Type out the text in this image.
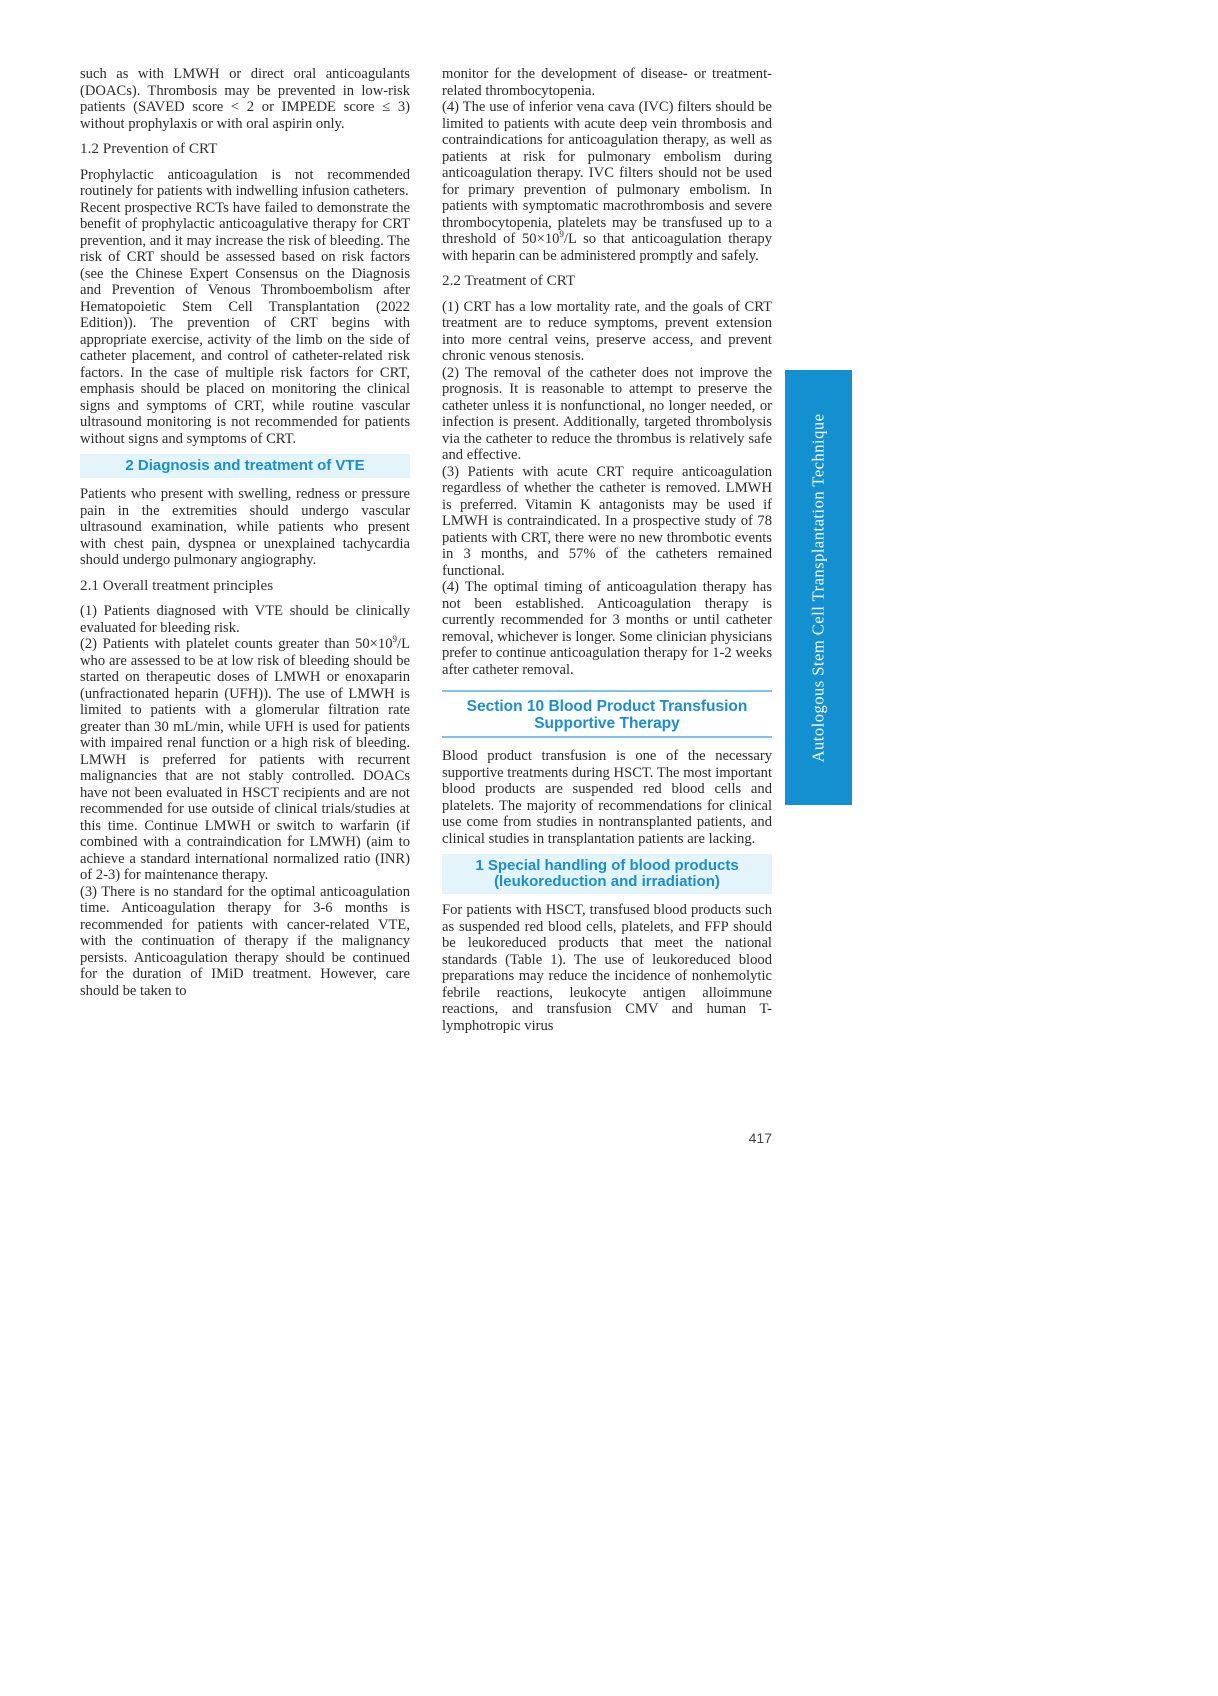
such as with LMWH or direct oral anticoagulants (DOACs). Thrombosis may be prevented in low-risk patients (SAVED score < 2 or IMPEDE score ≤ 3) without prophylaxis or with oral aspirin only.

1.2 Prevention of CRT

Prophylactic anticoagulation is not recommended routinely for patients with indwelling infusion catheters.

Recent prospective RCTs have failed to demonstrate the benefit of prophylactic anticoagulative therapy for CRT prevention, and it may increase the risk of bleeding. The risk of CRT should be assessed based on risk factors (see the Chinese Expert Consensus on the Diagnosis and Prevention of Venous Thromboembolism after Hematopoietic Stem Cell Transplantation (2022 Edition)). The prevention of CRT begins with appropriate exercise, activity of the limb on the side of catheter placement, and control of catheter-related risk factors. In the case of multiple risk factors for CRT, emphasis should be placed on monitoring the clinical signs and symptoms of CRT, while routine vascular ultrasound monitoring is not recommended for patients without signs and symptoms of CRT.

2 Diagnosis and treatment of VTE

Patients who present with swelling, redness or pressure pain in the extremities should undergo vascular ultrasound examination, while patients who present with chest pain, dyspnea or unexplained tachycardia should undergo pulmonary angiography.

2.1 Overall treatment principles

(1) Patients diagnosed with VTE should be clinically evaluated for bleeding risk.

(2) Patients with platelet counts greater than $50\times 10^9/L$ who are assessed to be at low risk of bleeding should be started on therapeutic doses of LMWH or enoxaparin (unfractionated heparin (UFH)). The use of LMWH is limited to patients with a glomerular filtration rate greater than 30 mL/min, while UFH is used for patients with impaired renal function or a high risk of bleeding. LMWH is preferred for patients with recurrent malignancies that are not stably controlled. DOACs have not been evaluated in HSCT recipients and are not recommended for use outside of clinical trials/studies at this time. Continue LMWH or switch to warfarin (if combined with a contraindication for LMWH) (aim to achieve a standard international normalized ratio (INR) of 2-3) for maintenance therapy.

(3) There is no standard for the optimal anticoagulation time. Anticoagulation therapy for 3-6 months is recommended for patients with cancer-related VTE, with the continuation of therapy if the malignancy persists. Anticoagulation therapy should be continued for the duration of IMiD treatment. However, care should be taken to

monitor for the development of disease- or treatment-related thrombocytopenia.

(4) The use of inferior vena cava (IVC) filters should be limited to patients with acute deep vein thrombosis and contraindications for anticoagulation therapy, as well as patients at risk for pulmonary embolism during anticoagulation therapy. IVC filters should not be used for primary prevention of pulmonary embolism. In patients with symptomatic macrothrombosis and severe thrombocytopenia, platelets may be transfused up to a threshold of $50\times 10^9/L$ so that anticoagulation therapy with heparin can be administered promptly and safely.

2.2 Treatment of CRT

(1) CRT has a low mortality rate, and the goals of CRT treatment are to reduce symptoms, prevent extension into more central veins, preserve access, and prevent chronic venous stenosis.

(2) The removal of the catheter does not improve the prognosis. It is reasonable to attempt to preserve the catheter unless it is nonfunctional, no longer needed, or infection is present. Additionally, targeted thrombolysis via the catheter to reduce the thrombus is relatively safe and effective.

(3) Patients with acute CRT require anticoagulation regardless of whether the catheter is removed. LMWH is preferred. Vitamin K antagonists may be used if LMWH is contraindicated. In a prospective study of 78 patients with CRT, there were no new thrombotic events in 3 months, and 57% of the catheters remained functional.

(4) The optimal timing of anticoagulation therapy has not been established. Anticoagulation therapy is currently recommended for 3 months or until catheter removal, whichever is longer. Some clinician physicians prefer to continue anticoagulation therapy for 1-2 weeks after catheter removal.

Section 10 Blood Product Transfusion
Supportive Therapy

Blood product transfusion is one of the necessary supportive treatments during HSCT. The most important blood products are suspended red blood cells and platelets. The majority of recommendations for clinical use come from studies in nontransplanted patients, and clinical studies in transplantation patients are lacking.

1 Special handling of blood products
(leukoreduction and irradiation)

For patients with HSCT, transfused blood products such as suspended red blood cells, platelets, and FFP should be leukoreduced products that meet the national standards (Table 1). The use of leukoreduced blood preparations may reduce the incidence of nonhemolytic febrile reactions, leukocyte antigen alloimmune reactions, and transfusion CMV and human T-lymphotropic virus

Autologous Stem Cell Transplantation Technique
417
